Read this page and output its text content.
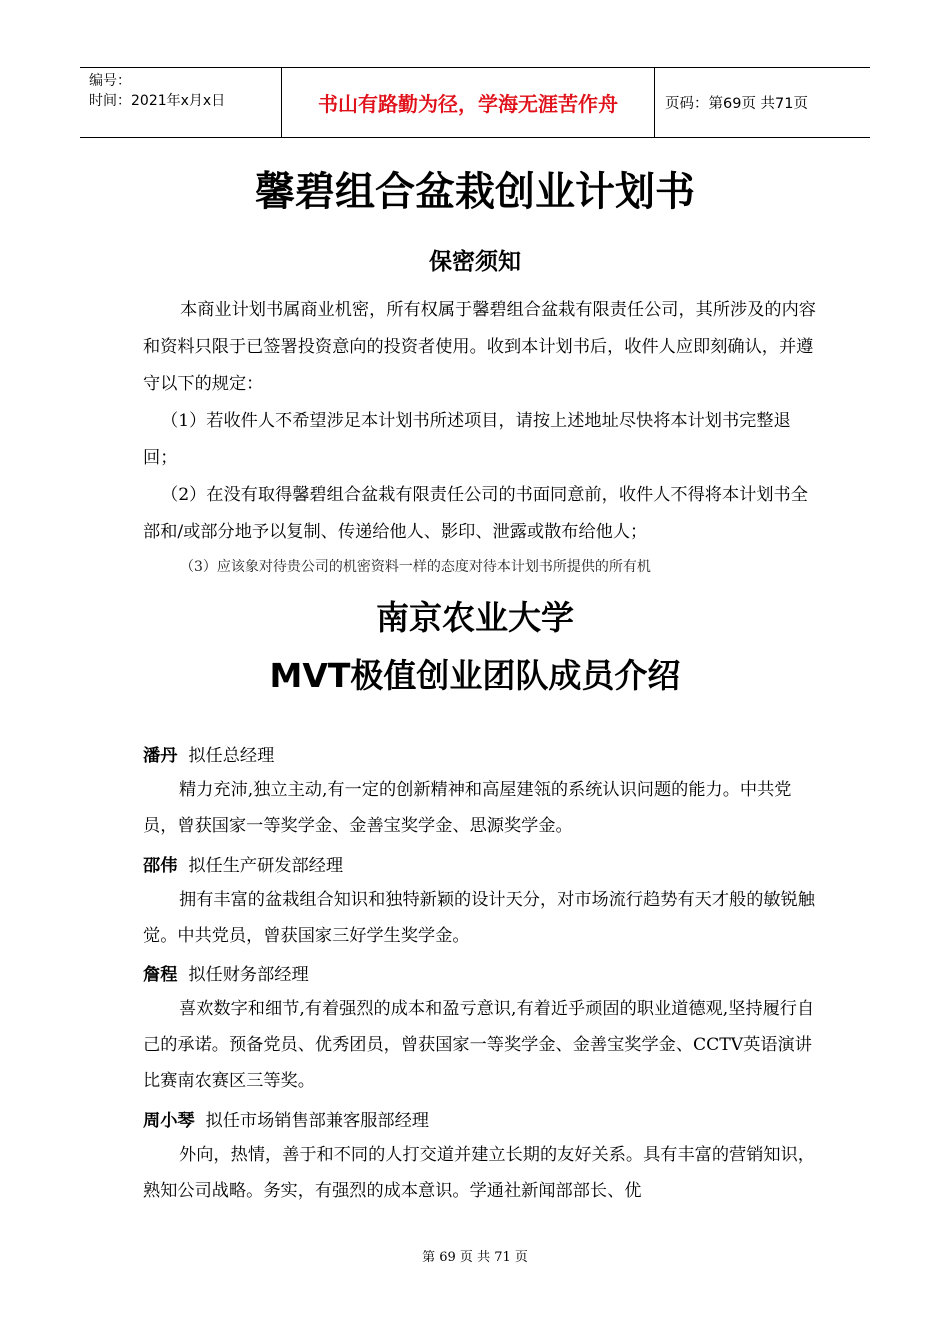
编号：
时间：2021年x月x日	书山有路勤为径，学海无涯苦作舟	页码：第69页 共71页
馨碧组合盆栽创业计划书
保密须知

本商业计划书属商业机密，所有权属于馨碧组合盆栽有限责任公司，其所涉及的内容和资料只限于已签署投资意向的投资者使用。收到本计划书后，收件人应即刻确认，并遵守以下的规定：

（1）若收件人不希望涉足本计划书所述项目，请按上述地址尽快将本计划书完整退回；

（2）在没有取得馨碧组合盆栽有限责任公司的书面同意前，收件人不得将本计划书全部和/或部分地予以复制、传递给他人、影印、泄露或散布给他人；

（3）应该象对待贵公司的机密资料一样的态度对待本计划书所提供的所有机

南京农业大学
MVT极值创业团队成员介绍

潘丹 拟任总经理

精力充沛,独立主动,有一定的创新精神和高屋建瓴的系统认识问题的能力。中共党员，曾获国家一等奖学金、金善宝奖学金、思源奖学金。

邵伟 拟任生产研发部经理

拥有丰富的盆栽组合知识和独特新颖的设计天分，对市场流行趋势有天才般的敏锐触觉。中共党员，曾获国家三好学生奖学金。

詹程 拟任财务部经理

喜欢数字和细节,有着强烈的成本和盈亏意识,有着近乎顽固的职业道德观,坚持履行自己的承诺。预备党员、优秀团员，曾获国家一等奖学金、金善宝奖学金、CCTV英语演讲比赛南农赛区三等奖。

周小琴 拟任市场销售部兼客服部经理

外向，热情，善于和不同的人打交道并建立长期的友好关系。具有丰富的营销知识，熟知公司战略。务实，有强烈的成本意识。学通社新闻部部长、优

第 69 页 共 71 页
